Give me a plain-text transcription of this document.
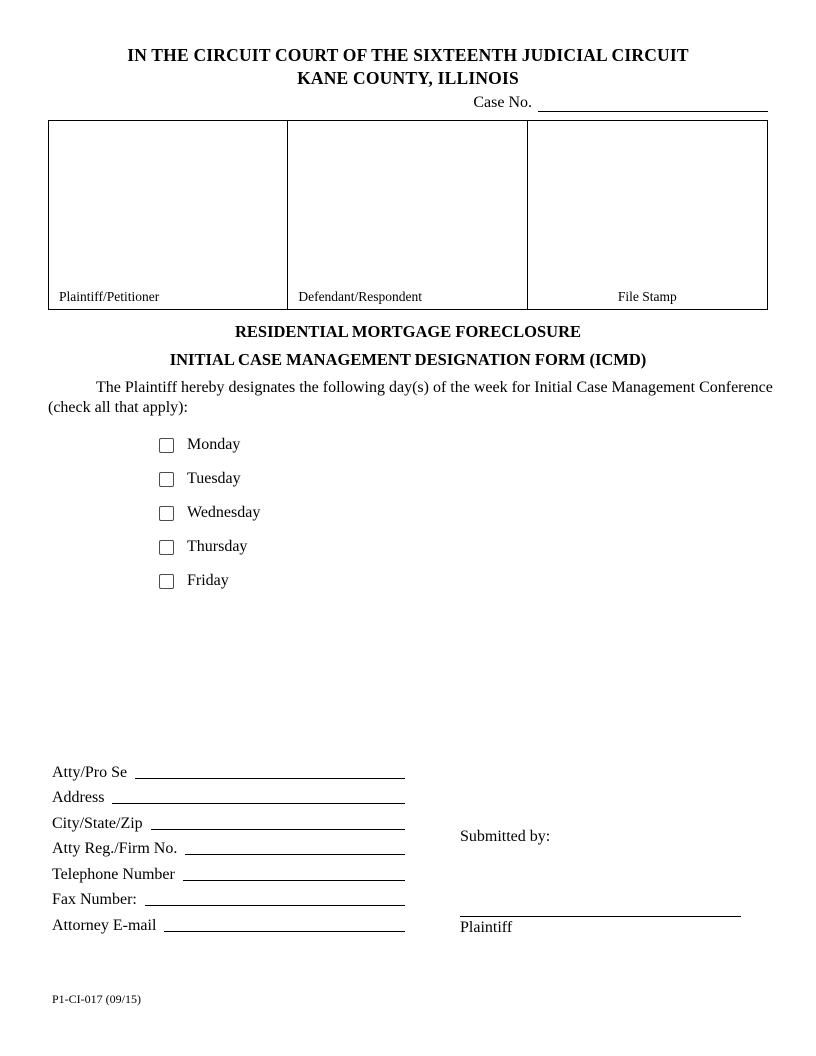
IN THE CIRCUIT COURT OF THE SIXTEENTH JUDICIAL CIRCUIT
KANE COUNTY, ILLINOIS
Case No.
Plaintiff/Petitioner	Defendant/Respondent	File Stamp
RESIDENTIAL MORTGAGE FORECLOSURE
INITIAL CASE MANAGEMENT DESIGNATION FORM (ICMD)

The Plaintiff hereby designates the following day(s) of the week for Initial Case Management Conference (check all that apply):

Monday
Tuesday
Wednesday
Thursday
Friday
Atty/Pro Se
Address
City/State/Zip
Atty Reg./Firm No.
Telephone Number
Fax Number:
Attorney E-mail
Submitted by:
Plaintiff
P1-CI-017 (09/15)
